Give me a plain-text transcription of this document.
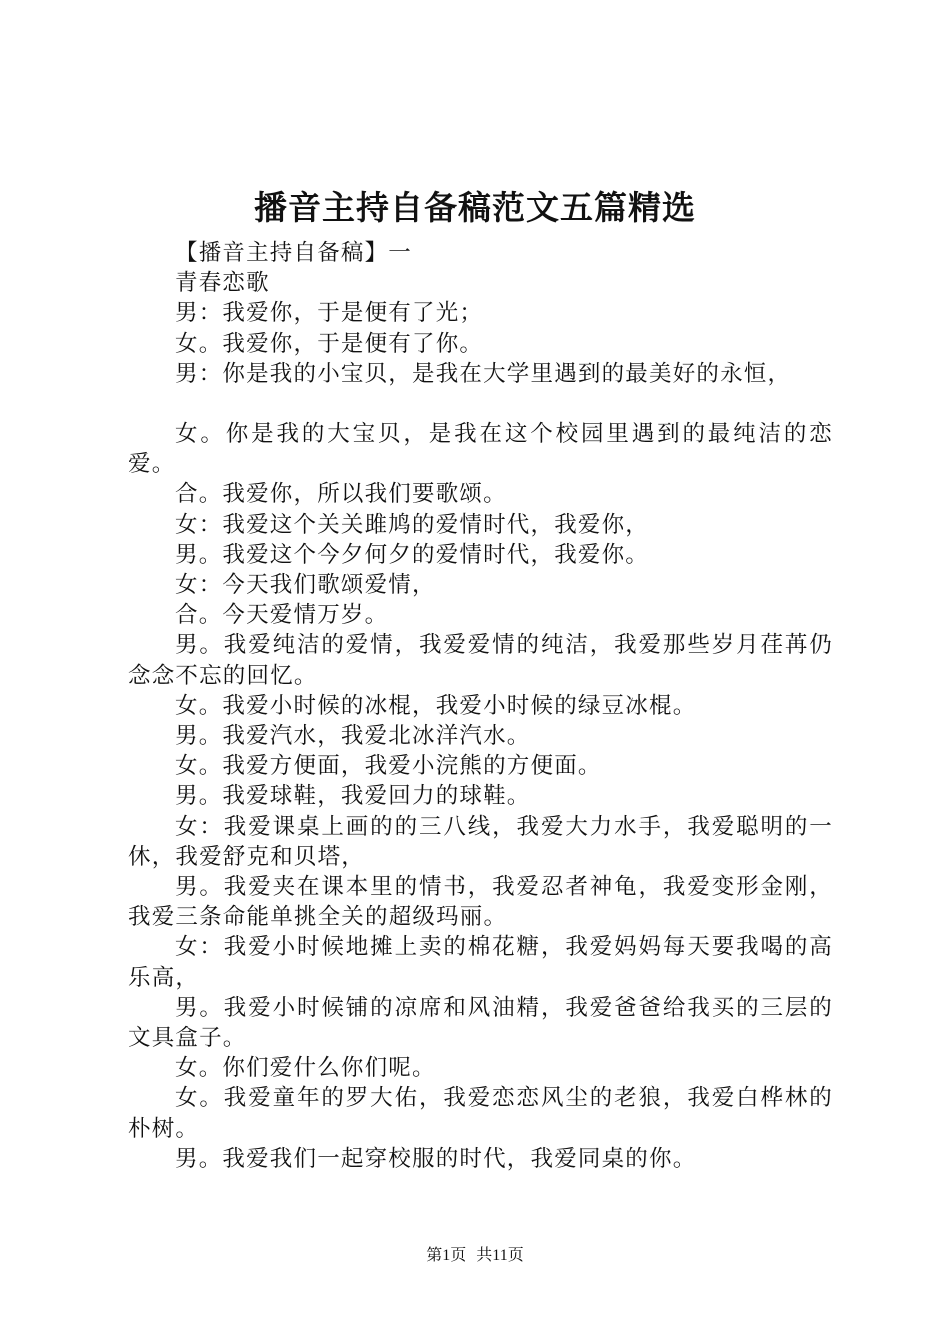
播音主持自备稿范文五篇精选

【播音主持自备稿】一

青春恋歌

男：我爱你，于是便有了光；

女。我爱你，于是便有了你。

男：你是我的小宝贝，是我在大学里遇到的最美好的永恒，

女。你是我的大宝贝，是我在这个校园里遇到的最纯洁的恋爱。

合。我爱你，所以我们要歌颂。

女：我爱这个关关雎鸠的爱情时代，我爱你，

男。我爱这个今夕何夕的爱情时代，我爱你。

女：今天我们歌颂爱情，

合。今天爱情万岁。

男。我爱纯洁的爱情，我爱爱情的纯洁，我爱那些岁月荏苒仍念念不忘的回忆。

女。我爱小时候的冰棍，我爱小时候的绿豆冰棍。

男。我爱汽水，我爱北冰洋汽水。

女。我爱方便面，我爱小浣熊的方便面。

男。我爱球鞋，我爱回力的球鞋。

女：我爱课桌上画的的三八线，我爱大力水手，我爱聪明的一休，我爱舒克和贝塔，

男。我爱夹在课本里的情书，我爱忍者神龟，我爱变形金刚，我爱三条命能单挑全关的超级玛丽。

女：我爱小时候地摊上卖的棉花糖，我爱妈妈每天要我喝的高乐高，

男。我爱小时候铺的凉席和风油精，我爱爸爸给我买的三层的文具盒子。

女。你们爱什么你们呢。

女。我爱童年的罗大佑，我爱恋恋风尘的老狼，我爱白桦林的朴树。

男。我爱我们一起穿校服的时代，我爱同桌的你。

第1页 共11页
